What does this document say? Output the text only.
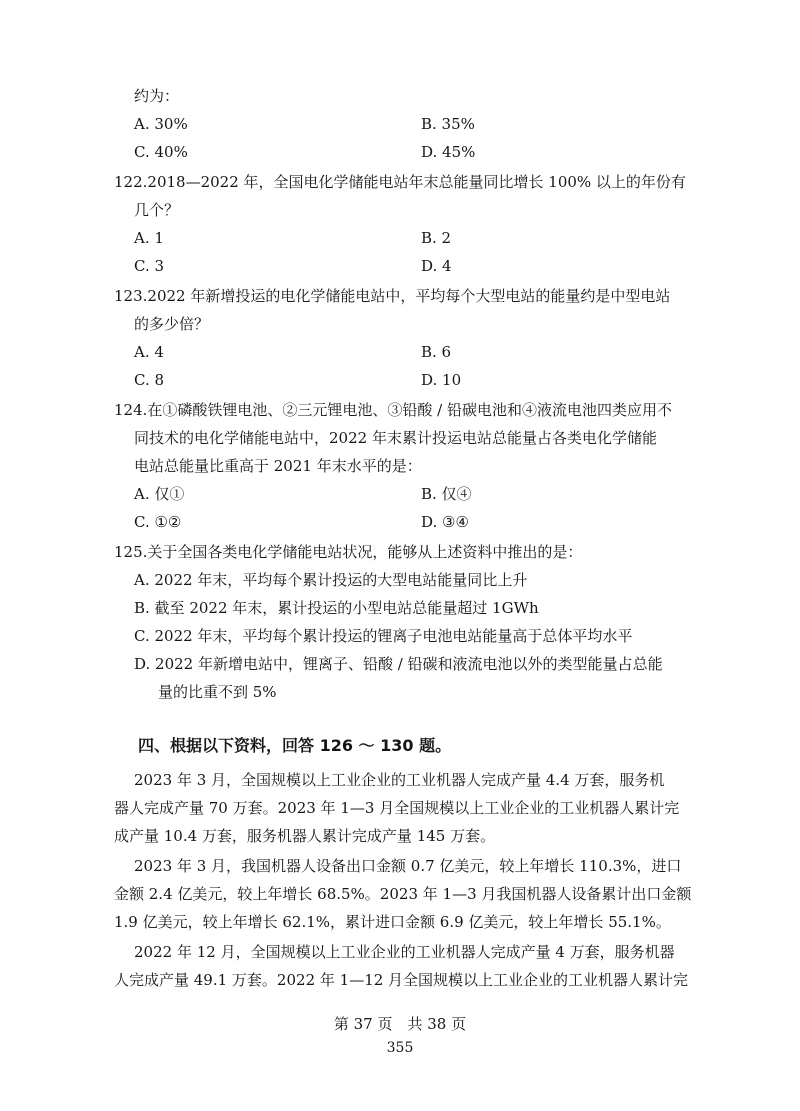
约为：
A. 30%	B. 35%
C. 40%	D. 45%
122.2018—2022 年，全国电化学储能电站年末总能量同比增长 100% 以上的年份有
几个？
A. 1	B. 2
C. 3	D. 4
123.2022 年新增投运的电化学储能电站中，平均每个大型电站的能量约是中型电站
的多少倍？
A. 4	B. 6
C. 8	D. 10
124.在①磷酸铁锂电池、②三元锂电池、③铅酸 / 铅碳电池和④液流电池四类应用不
同技术的电化学储能电站中，2022 年末累计投运电站总能量占各类电化学储能
电站总能量比重高于 2021 年末水平的是：
A. 仅①	B. 仅④
C. ①②	D. ③④
125.关于全国各类电化学储能电站状况，能够从上述资料中推出的是：
A. 2022 年末，平均每个累计投运的大型电站能量同比上升
B. 截至 2022 年末，累计投运的小型电站总能量超过 1GWh
C. 2022 年末，平均每个累计投运的锂离子电池电站能量高于总体平均水平
D. 2022 年新增电站中，锂离子、铅酸 / 铅碳和液流电池以外的类型能量占总能
量的比重不到 5%
四、根据以下资料，回答 126 ～ 130 题。
2023 年 3 月，全国规模以上工业企业的工业机器人完成产量 4.4 万套，服务机
器人完成产量 70 万套。2023 年 1—3 月全国规模以上工业企业的工业机器人累计完
成产量 10.4 万套，服务机器人累计完成产量 145 万套。
2023 年 3 月，我国机器人设备出口金额 0.7 亿美元，较上年增长 110.3%，进口
金额 2.4 亿美元，较上年增长 68.5%。2023 年 1—3 月我国机器人设备累计出口金额
1.9 亿美元，较上年增长 62.1%，累计进口金额 6.9 亿美元，较上年增长 55.1%。
2022 年 12 月，全国规模以上工业企业的工业机器人完成产量 4 万套，服务机器
人完成产量 49.1 万套。2022 年 1—12 月全国规模以上工业企业的工业机器人累计完
第 37 页　共 38 页
355
